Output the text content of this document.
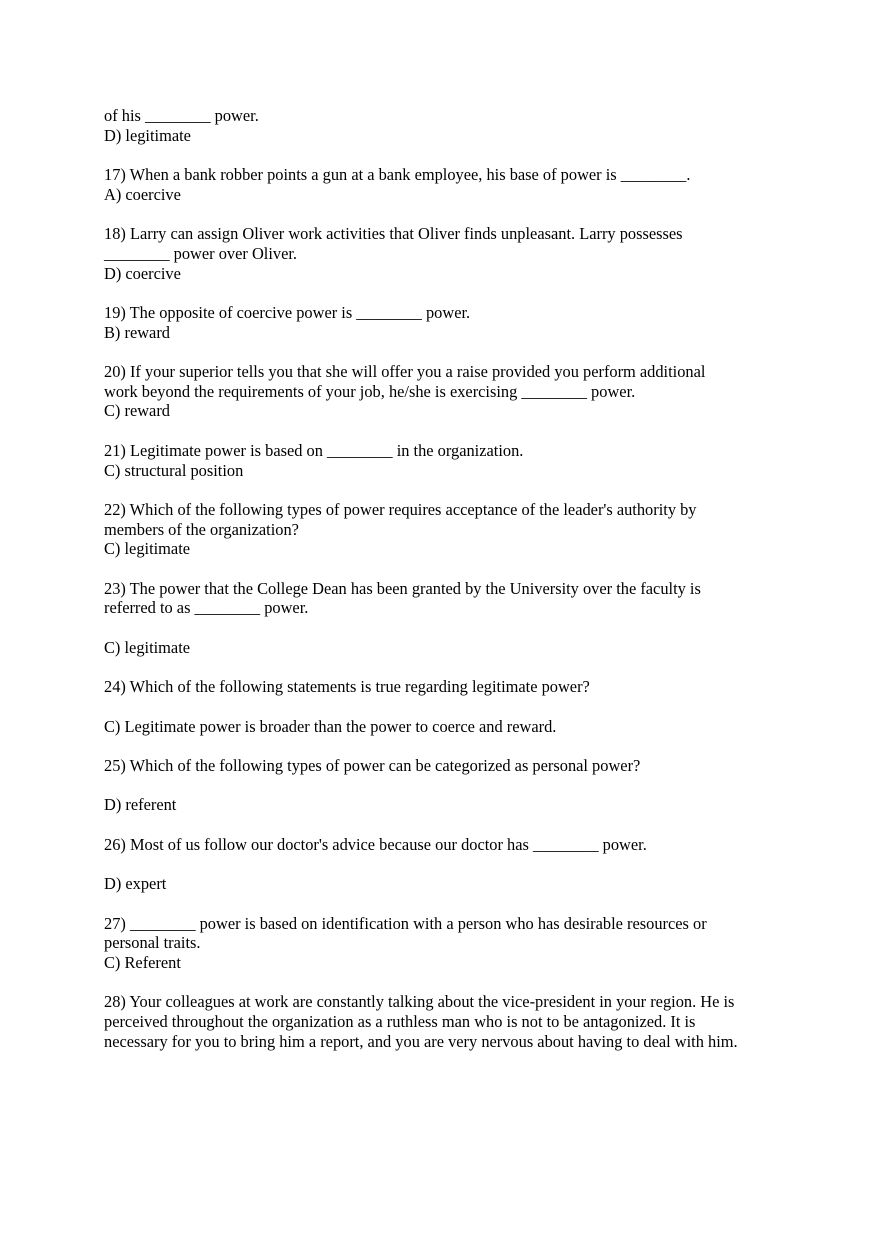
of his ________ power.
D) legitimate
17) When a bank robber points a gun at a bank employee, his base of power is ________.
A) coercive
18) Larry can assign Oliver work activities that Oliver finds unpleasant. Larry possesses
________ power over Oliver.
D) coercive
19) The opposite of coercive power is ________ power.
B) reward
20) If your superior tells you that she will offer you a raise provided you perform additional
work beyond the requirements of your job, he/she is exercising ________ power.
C) reward
21) Legitimate power is based on ________ in the organization.
C) structural position
22) Which of the following types of power requires acceptance of the leader's authority by
members of the organization?
C) legitimate
23) The power that the College Dean has been granted by the University over the faculty is
referred to as ________ power.
C) legitimate
24) Which of the following statements is true regarding legitimate power?
C) Legitimate power is broader than the power to coerce and reward.
25) Which of the following types of power can be categorized as personal power?
D) referent
26) Most of us follow our doctor's advice because our doctor has ________ power.
D) expert
27) ________ power is based on identification with a person who has desirable resources or
personal traits.
C) Referent
28) Your colleagues at work are constantly talking about the vice-president in your region. He is
perceived throughout the organization as a ruthless man who is not to be antagonized. It is
necessary for you to bring him a report, and you are very nervous about having to deal with him.
